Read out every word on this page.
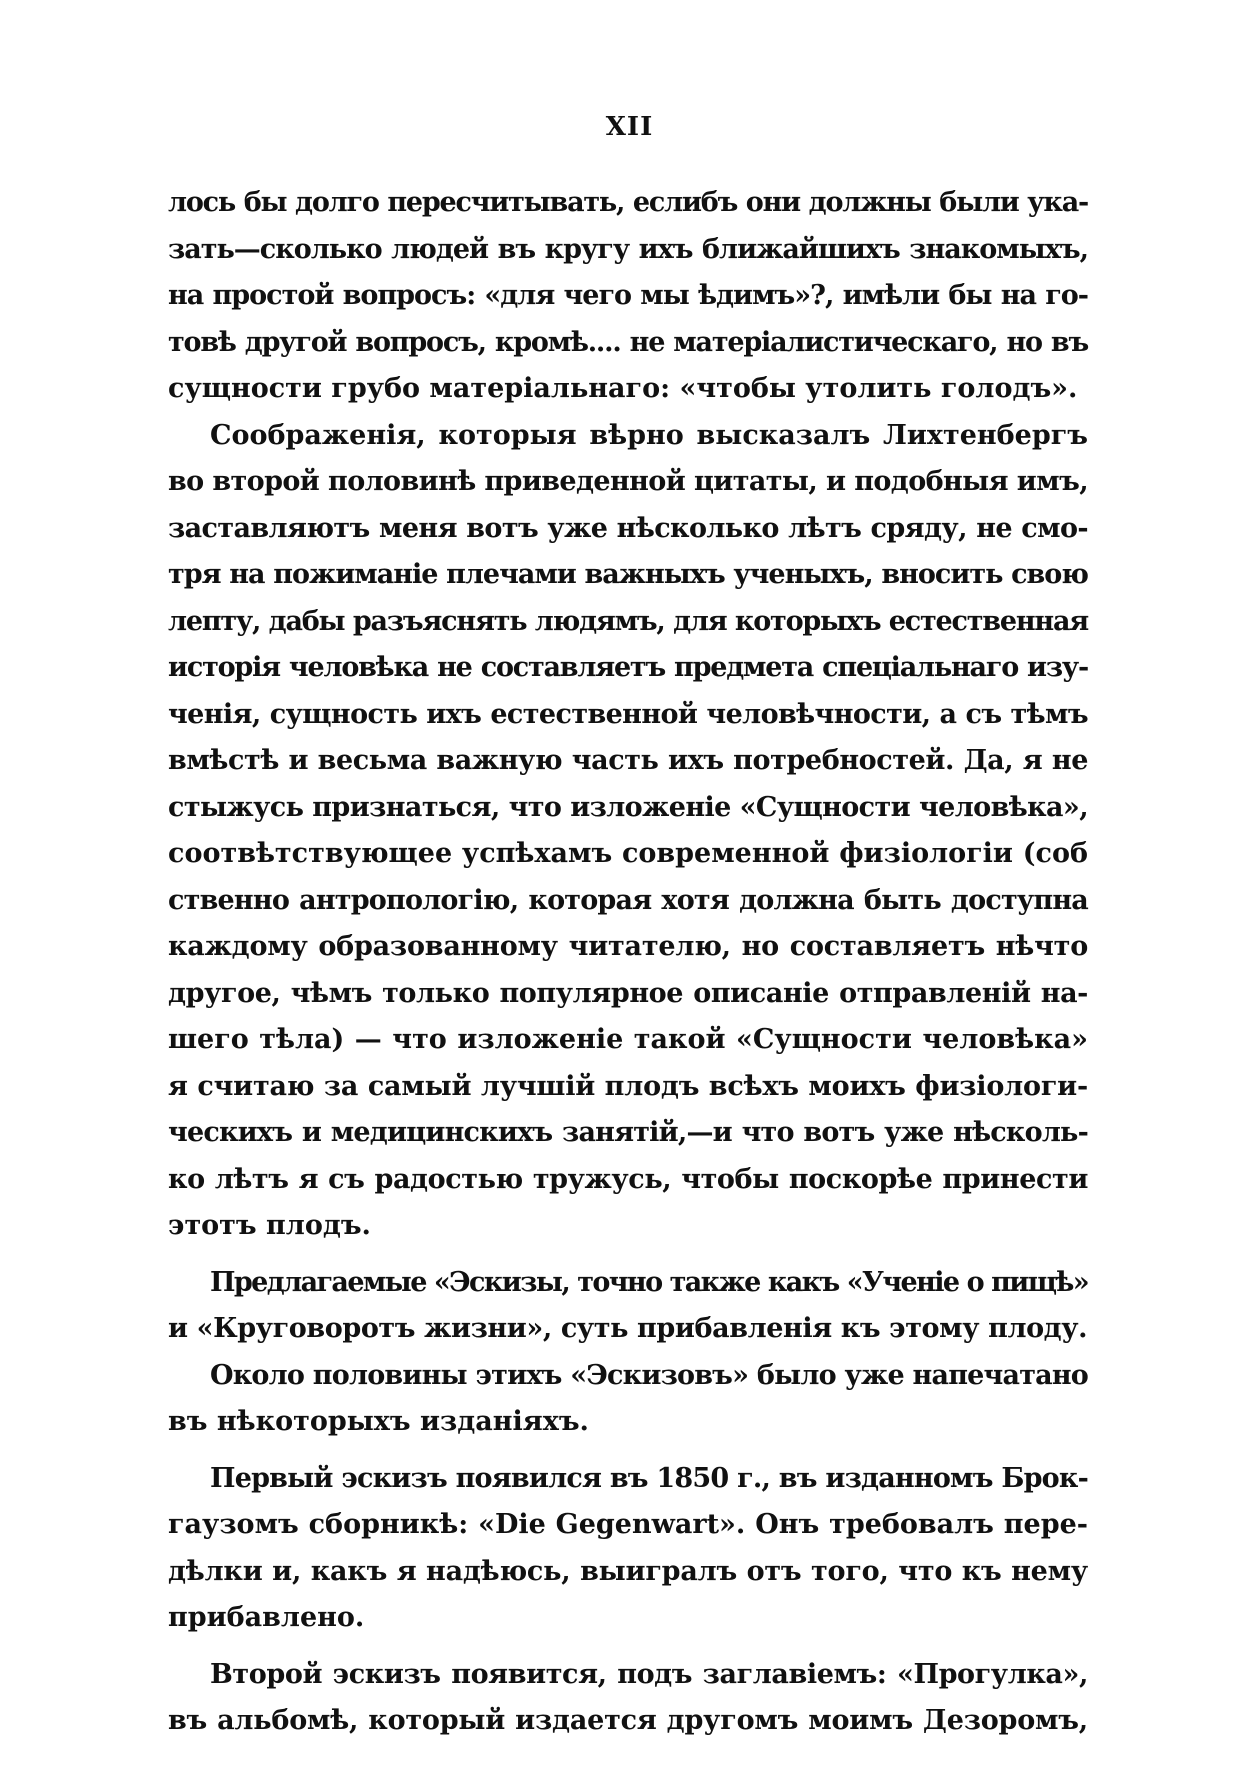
XII
лось бы долго пересчитывать, еслибъ они должны были ука-
зать—сколько людей въ кругу ихъ ближайшихъ знакомыхъ,
на простой вопросъ: «для чего мы ѣдимъ»?, имѣли бы на го-
товѣ другой вопросъ, кромѣ.... не матеріалистическаго, но въ
сущности грубо матеріальнаго: «чтобы утолить голодъ».
Соображенія, которыя вѣрно высказалъ Лихтенбергъ
во второй половинѣ приведенной цитаты, и подобныя имъ,
заставляютъ меня вотъ уже нѣсколько лѣтъ сряду, не смо-
тря на пожиманіе плечами важныхъ ученыхъ, вносить свою
лепту, дабы разъяснять людямъ, для которыхъ естественная
исторія человѣка не составляетъ предмета спеціальнаго изу-
ченія, сущность ихъ естественной человѣчности, а съ тѣмъ
вмѣстѣ и весьма важную часть ихъ потребностей. Да, я не
стыжусь признаться, что изложеніе «Сущности человѣка»,
соотвѣтствующее успѣхамъ современной физіологіи (соб
ственно антропологію, которая хотя должна быть доступна
каждому образованному читателю, но составляетъ нѣчто
другое, чѣмъ только популярное описаніе отправленій на-
шего тѣла) — что изложеніе такой «Сущности человѣка»
я считаю за самый лучшій плодъ всѣхъ моихъ физіологи-
ческихъ и медицинскихъ занятій,—и что вотъ уже нѣсколь-
ко лѣтъ я съ радостью тружусь, чтобы поскорѣе принести
этотъ плодъ.
Предлагаемые «Эскизы, точно также какъ «Ученіе о пищѣ»
и «Круговоротъ жизни», суть прибавленія къ этому плоду.
Около половины этихъ «Эскизовъ» было уже напечатано
въ нѣкоторыхъ изданіяхъ.
Первый эскизъ появился въ 1850 г., въ изданномъ Брок-
гаузомъ сборникѣ: «Die Gegenwart». Онъ требовалъ пере-
дѣлки и, какъ я надѣюсь, выигралъ отъ того, что къ нему
прибавлено.
Второй эскизъ появится, подъ заглавіемъ: «Прогулка»,
въ альбомѣ, который издается другомъ моимъ Дезоромъ,
